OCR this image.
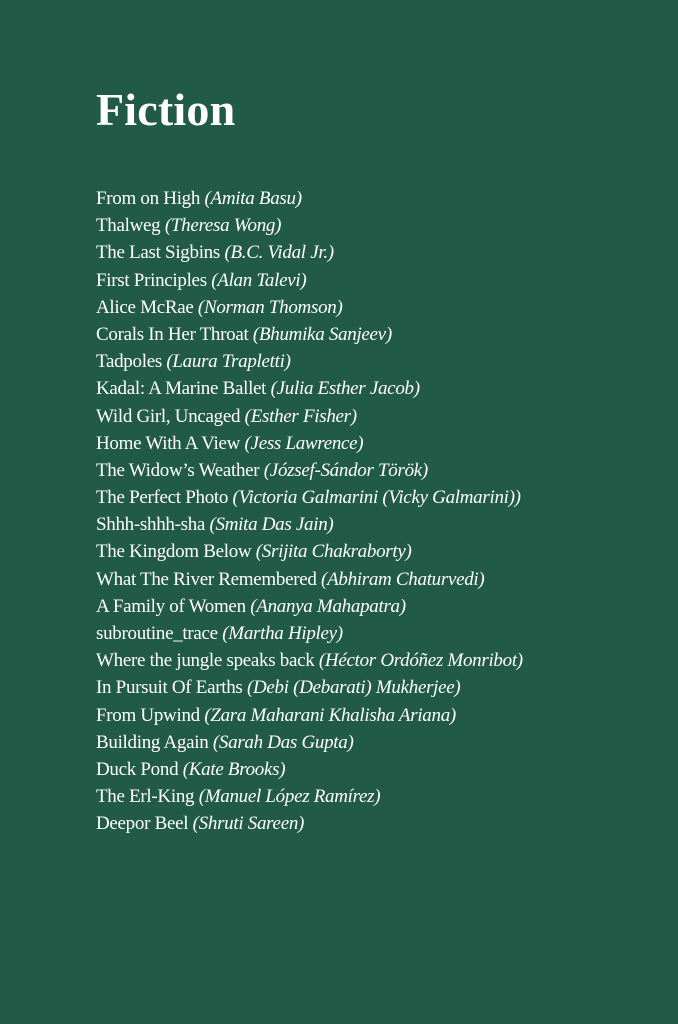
Fiction
From on High (Amita Basu)
Thalweg (Theresa Wong)
The Last Sigbins (B.C. Vidal Jr.)
First Principles (Alan Talevi)
Alice McRae (Norman Thomson)
Corals In Her Throat (Bhumika Sanjeev)
Tadpoles (Laura Trapletti)
Kadal: A Marine Ballet (Julia Esther Jacob)
Wild Girl, Uncaged (Esther Fisher)
Home With A View (Jess Lawrence)
The Widow’s Weather (József-Sándor Török)
The Perfect Photo (Victoria Galmarini (Vicky Galmarini))
Shhh-shhh-sha (Smita Das Jain)
The Kingdom Below (Srijita Chakraborty)
What The River Remembered (Abhiram Chaturvedi)
A Family of Women (Ananya Mahapatra)
subroutine_trace (Martha Hipley)
Where the jungle speaks back (Héctor Ordóñez Monribot)
In Pursuit Of Earths (Debi (Debarati) Mukherjee)
From Upwind (Zara Maharani Khalisha Ariana)
Building Again (Sarah Das Gupta)
Duck Pond (Kate Brooks)
The Erl-King (Manuel López Ramírez)
Deepor Beel (Shruti Sareen)
